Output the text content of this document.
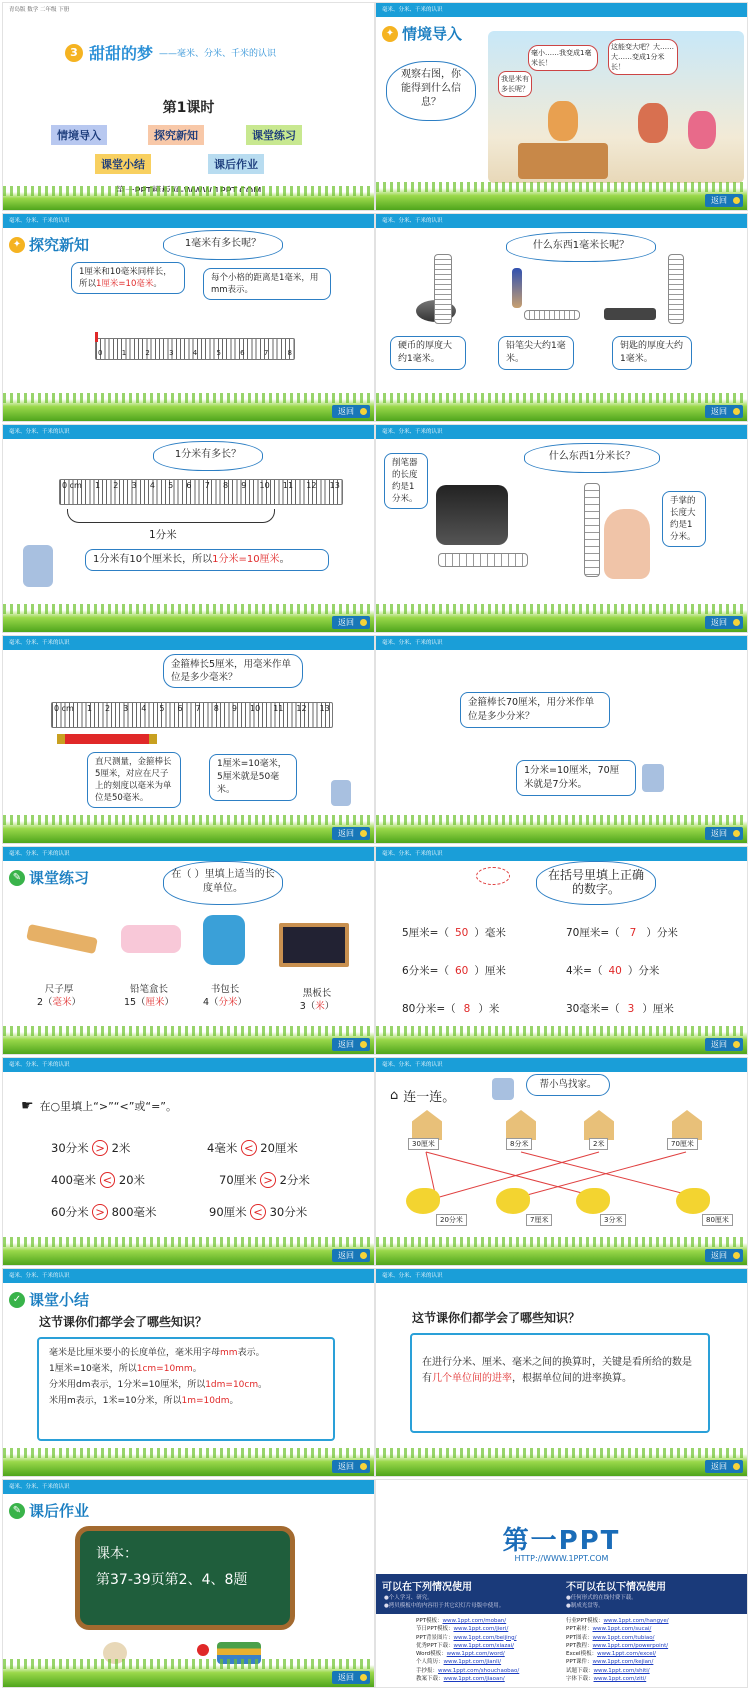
青岛版 数学 二年级 下册
3 甜甜的梦 ——毫米、分米、千米的认识
第1课时
情境导入	探究新知	课堂练习
课堂小结	课后作业
毫米、分米、千米的认识
✦ 情境导入
观察右图，你能得到什么信息？
毫小……我变成1毫米长！
我是米有多长呢？
这能变大吧？大……大……变成1分米长！
返回
毫米、分米、千米的认识
✦ 探究新知	1毫米有多长呢？
1厘米和10毫米同样长，所以1厘米=10毫米。
每个小格的距离是1毫米，用mm表示。
0	1	2	3	4	5	6	7	8
返回
毫米、分米、千米的认识
什么东西1毫米长呢？
硬币的厚度大约1毫米。
铅笔尖大约1毫米。
钥匙的厚度大约1毫米。
返回
毫米、分米、千米的认识
1分米有多长？
0 cm 1 2 3 4 5 6 7 8 9 10 11 12 13
1分米
1分米有10个厘米长，所以1分米=10厘米。
返回
毫米、分米、千米的认识
削笔器的长度约是1分米。
什么东西1分米长？
手掌的长度大约是1分米。
返回
毫米、分米、千米的认识
金箍棒长5厘米，用毫米作单位是多少毫米？
0 cm 1 2 3 4 5 6 7 8 9 10 11 12 13
直尺测量，金箍棒长5厘米，对应在尺子上的刻度以毫米为单位是50毫米。
1厘米=10毫米，5厘米就是50毫米。
返回
毫米、分米、千米的认识
金箍棒长70厘米，用分米作单位是多少分米？
1分米=10厘米，70厘米就是7分米。
返回
毫米、分米、千米的认识
✎ 课堂练习	在（ ）里填上适当的长度单位。
尺子厚
2（毫米）
铅笔盒长
15（厘米）
书包长
4（分米）
黑板长
3（米）
返回
毫米、分米、千米的认识
在括号里填上正确的数字。
5厘米=（ 50 ）毫米	70厘米=（ 7 ）分米
6分米=（ 60 ）厘米	4米=（ 40 ）分米
80分米=（ 8 ）米	30毫米=（ 3 ）厘米
返回
毫米、分米、千米的认识
☛ 在○里填上“>”“<”或“=”。
30分米 > 2米	4毫米 < 20厘米
400毫米 < 20米	70厘米 > 2分米
60分米 > 800毫米	90厘米 < 30分米
返回
毫米、分米、千米的认识
⌂ 连一连。
帮小鸟找家。
30厘米	8分米	2米	70厘米
20分米	7厘米	3分米	80厘米
返回
毫米、分米、千米的认识
✓ 课堂小结
这节课你们都学会了哪些知识？
毫米是比厘米要小的长度单位，毫米用字母mm表示。
1厘米=10毫米，所以1cm=10mm。
分米用dm表示，1分米=10厘米，所以1dm=10cm。
米用m表示，1米=10分米，所以1m=10dm。
返回
毫米、分米、千米的认识
这节课你们都学会了哪些知识？
在进行分米、厘米、毫米之间的换算时，关键是看所给的数是有几个单位间的进率，根据单位间的进率换算。
返回
毫米、分米、千米的认识
✎ 课后作业
课本：
第37-39页第2、4、8题
返回
第一PPT
HTTP://WWW.1PPT.COM
可以在下列情况使用	不可以在以下情况使用
●个人学习、研究。
●拷贝模板中的内容用于其它幻灯片母版中使用。
●任何形式的在线付费下载。
●制成光盘等。
PPT模板：www.1ppt.com/moban/
节日PPT模板：www.1ppt.com/jieri/
PPT背景图片：www.1ppt.com/beijing/
优秀PPT下载：www.1ppt.com/xiazai/
Word模板：www.1ppt.com/word/
个人简历：www.1ppt.com/jianli/
手抄报：www.1ppt.com/shouchaobao/
教案下载：www.1ppt.com/jiaoan/
行业PPT模板：www.1ppt.com/hangye/
PPT素材：www.1ppt.com/sucai/
PPT图表：www.1ppt.com/tubiao/
PPT教程：www.1ppt.com/powerpoint/
Excel模板：www.1ppt.com/excel/
PPT课件：www.1ppt.com/kejian/
试题下载：www.1ppt.com/shiti/
字体下载：www.1ppt.com/ziti/
